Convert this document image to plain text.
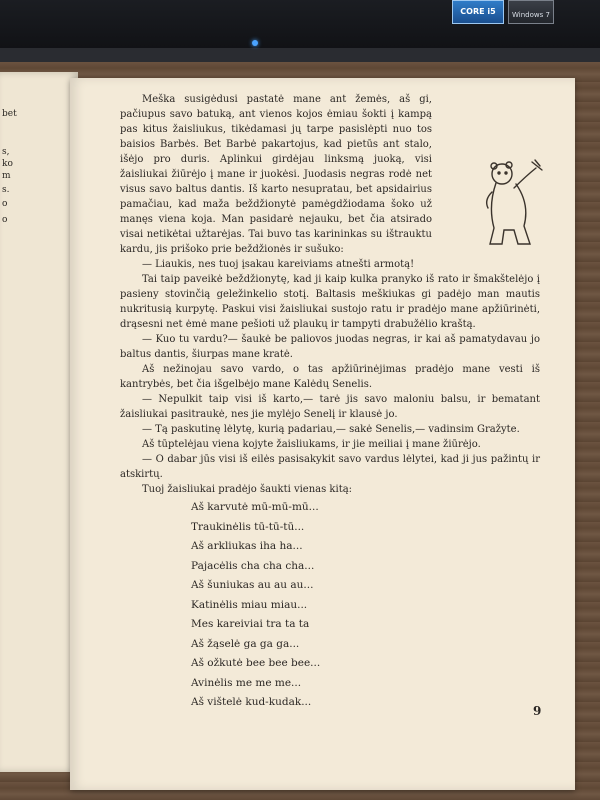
CORE i5	Windows 7
bet
s,
ko
m
s.
o
o

Meška susigėdusi pastatė mane ant žemės, aš gi, pačiupus savo batuką, ant vienos kojos ėmiau šokti į kampą pas kitus žaisliukus, tikėdamasi jų tarpe pasislėpti nuo tos baisios Barbės. Bet Barbė pakartojus, kad pietūs ant stalo, išėjo pro duris. Aplinkui girdėjau linksmą juoką, visi žaisliukai žiūrėjo į mane ir juokėsi. Juodasis negras rodė net visus savo baltus dantis. Iš karto nesupratau, bet apsidairius pamačiau, kad maža beždžionytė pamėgdžiodama šoko už manęs viena koja. Man pasidarė nejauku, bet čia atsirado visai netikėtai užtarėjas. Tai buvo tas karininkas su ištrauktu kardu, jis prišoko prie beždžionės ir sušuko:

— Liaukis, nes tuoj įsakau kareiviams atnešti armotą!

Tai taip paveikė beždžionytę, kad ji kaip kulka pranyko iš rato ir šmakštelėjo į pasieny stovinčią geležinkelio stotį. Baltasis meškiukas gi padėjo man mautis nukritusią kurpytę. Paskui visi žaisliukai sustojo ratu ir pradėjo mane apžiūrinėti, drąsesni net ėmė mane pešioti už plaukų ir tampyti drabužėlio kraštą.

— Kuo tu vardu?— šaukė be paliovos juodas negras, ir kai aš pamatydavau jo baltus dantis, šiurpas mane kratė.

Aš nežinojau savo vardo, o tas apžiūrinėjimas pradėjo mane vesti iš kantrybės, bet čia išgelbėjo mane Kalėdų Senelis.

— Nepulkit taip visi iš karto,— tarė jis savo maloniu balsu, ir bematant žaisliukai pasitraukė, nes jie mylėjo Senelį ir klausė jo.

— Tą paskutinę lėlytę, kurią padariau,— sakė Senelis,— vadinsim Gražyte.

Aš tūptelėjau viena kojyte žaisliukams, ir jie meiliai į mane žiūrėjo.

— O dabar jūs visi iš eilės pasisakykit savo vardus lėlytei, kad ji jus pažintų ir atskirtų.

Tuoj žaisliukai pradėjo šaukti vienas kitą:

Aš karvutė mū-mū-mū...
Traukinėlis tū-tū-tū...
Aš arkliukas iha ha...
Pajacėlis cha cha cha...
Aš šuniukas au au au...
Katinėlis miau miau...
Mes kareiviai tra ta ta
Aš žąselė ga ga ga...
Aš ožkutė bee bee bee...
Avinėlis me me me...
Aš vištelė kud-kudak...
9
